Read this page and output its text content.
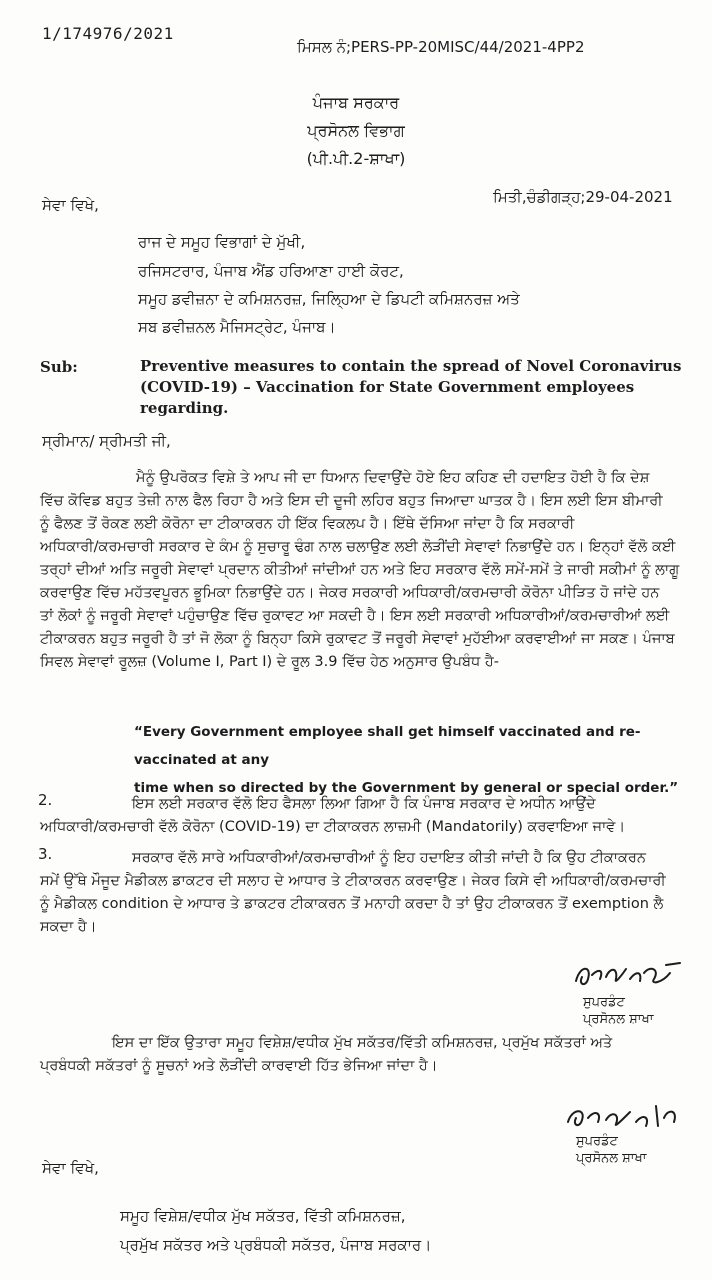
1/174976/2021
ਮਿਸਲ ਨੰ;PERS-PP-20MISC/44/2021-4PP2
ਪੰਜਾਬ ਸਰਕਾਰ
ਪ੍ਰਸੋਨਲ ਵਿਭਾਗ
(ਪੀ.ਪੀ.2-ਸ਼ਾਖਾ)
ਮਿਤੀ,ਚੰਡੀਗੜ੍ਹ;29-04-2021
ਸੇਵਾ ਵਿਖੇ,
ਰਾਜ ਦੇ ਸਮੂਹ ਵਿਭਾਗਾਂ ਦੇ ਮੁੱਖੀ,
ਰਜਿਸਟਰਾਰ, ਪੰਜਾਬ ਐਂਡ ਹਰਿਆਣਾ ਹਾਈ ਕੋਰਟ,
ਸਮੂਹ ਡਵੀਜ਼ਨਾ ਦੇ ਕਮਿਸ਼ਨਰਜ਼, ਜਿਲ੍ਹਿਆ ਦੇ ਡਿਪਟੀ ਕਮਿਸ਼ਨਰਜ਼ ਅਤੇ
ਸਬ ਡਵੀਜ਼ਨਲ ਮੈਜਿਸਟ੍ਰੇਟ, ਪੰਜਾਬ।
Sub:	Preventive measures to contain the spread of Novel Coronavirus (COVID-19) – Vaccination for State Government employees regarding.
ਸ੍ਰੀਮਾਨ/ ਸ੍ਰੀਮਤੀ ਜੀ,
ਮੈਨੂੰ ਉਪਰੋਕਤ ਵਿਸ਼ੇ ਤੇ ਆਪ ਜੀ ਦਾ ਧਿਆਨ ਦਿਵਾਉਂਦੇ ਹੋਏ ਇਹ ਕਹਿਣ ਦੀ ਹਦਾਇਤ ਹੋਈ ਹੈ ਕਿ ਦੇਸ਼
ਵਿੱਚ ਕੋਵਿਡ ਬਹੁਤ ਤੇਜ਼ੀ ਨਾਲ ਫੈਲ ਰਿਹਾ ਹੈ ਅਤੇ ਇਸ ਦੀ ਦੂਜੀ ਲਹਿਰ ਬਹੁਤ ਜਿਆਦਾ ਘਾਤਕ ਹੈ। ਇਸ ਲਈ ਇਸ ਬੀਮਾਰੀ
ਨੂੰ ਫੈਲਣ ਤੋਂ ਰੋਕਣ ਲਈ ਕੋਰੋਨਾ ਦਾ ਟੀਕਾਕਰਨ ਹੀ ਇੱਕ ਵਿਕਲਪ ਹੈ। ਇੱਥੇ ਦੱਸਿਆ ਜਾਂਦਾ ਹੈ ਕਿ ਸਰਕਾਰੀ
ਅਧਿਕਾਰੀ/ਕਰਮਚਾਰੀ ਸਰਕਾਰ ਦੇ ਕੰਮ ਨੂੰ ਸੁਚਾਰੂ ਢੰਗ ਨਾਲ ਚਲਾਉਣ ਲਈ ਲੋੜੀਂਦੀ ਸੇਵਾਵਾਂ ਨਿਭਾਉਂਦੇ ਹਨ। ਇਨ੍ਹਾਂ ਵੱਲੋ ਕਈ
ਤਰ੍ਹਾਂ ਦੀਆਂ ਅਤਿ ਜਰੂਰੀ ਸੇਵਾਵਾਂ ਪ੍ਰਦਾਨ ਕੀਤੀਆਂ ਜਾਂਦੀਆਂ ਹਨ ਅਤੇ ਇਹ ਸਰਕਾਰ ਵੱਲੋ ਸਮੇਂ-ਸਮੇਂ ਤੇ ਜਾਰੀ ਸਕੀਮਾਂ ਨੂੰ ਲਾਗੂ
ਕਰਵਾਉਣ ਵਿੱਚ ਮਹੱਤਵਪੂਰਨ ਭੂਮਿਕਾ ਨਿਭਾਉਂਦੇ ਹਨ। ਜੇਕਰ ਸਰਕਾਰੀ ਅਧਿਕਾਰੀ/ਕਰਮਚਾਰੀ ਕੋਰੋਨਾ ਪੀੜਿਤ ਹੋ ਜਾਂਦੇ ਹਨ
ਤਾਂ ਲੋਕਾਂ ਨੂੰ ਜਰੂਰੀ ਸੇਵਾਵਾਂ ਪਹੁੰਚਾਉਣ ਵਿੱਚ ਰੁਕਾਵਟ ਆ ਸਕਦੀ ਹੈ। ਇਸ ਲਈ ਸਰਕਾਰੀ ਅਧਿਕਾਰੀਆਂ/ਕਰਮਚਾਰੀਆਂ ਲਈ
ਟੀਕਾਕਰਨ ਬਹੁਤ ਜਰੂਰੀ ਹੈ ਤਾਂ ਜੋ ਲੋਕਾ ਨੂੰ ਬਿਨ੍ਹਾ ਕਿਸੇ ਰੁਕਾਵਟ ਤੋਂ ਜਰੂਰੀ ਸੇਵਾਵਾਂ ਮੁਹੱਈਆ ਕਰਵਾਈਆਂ ਜਾ ਸਕਣ। ਪੰਜਾਬ
ਸਿਵਲ ਸੇਵਾਵਾਂ ਰੂਲਜ਼ (Volume I, Part I) ਦੇ ਰੂਲ 3.9 ਵਿੱਚ ਹੇਠ ਅਨੁਸਾਰ ਉਪਬੰਧ ਹੈ-
“Every Government employee shall get himself vaccinated and re-vaccinated at any
time when so directed by the Government by general or special order.”
2.	ਇਸ ਲਈ ਸਰਕਾਰ ਵੱਲੋ ਇਹ ਫੈਸਲਾ ਲਿਆ ਗਿਆ ਹੈ ਕਿ ਪੰਜਾਬ ਸਰਕਾਰ ਦੇ ਅਧੀਨ ਆਉਂਦੇ
ਅਧਿਕਾਰੀ/ਕਰਮਚਾਰੀ ਵੱਲੋ ਕੋਰੋਨਾ (COVID-19) ਦਾ ਟੀਕਾਕਰਨ ਲਾਜ਼ਮੀ (Mandatorily) ਕਰਵਾਇਆ ਜਾਵੇ।
3.	ਸਰਕਾਰ ਵੱਲੋ ਸਾਰੇ ਅਧਿਕਾਰੀਆਂ/ਕਰਮਚਾਰੀਆਂ ਨੂੰ ਇਹ ਹਦਾਇਤ ਕੀਤੀ ਜਾਂਦੀ ਹੈ ਕਿ ਉਹ ਟੀਕਾਕਰਨ
ਸਮੇਂ ਉੱਥੇ ਮੌਜੂਦ ਮੈਡੀਕਲ ਡਾਕਟਰ ਦੀ ਸਲਾਹ ਦੇ ਆਧਾਰ ਤੇ ਟੀਕਾਕਰਨ ਕਰਵਾਉਣ। ਜੇਕਰ ਕਿਸੇ ਵੀ ਅਧਿਕਾਰੀ/ਕਰਮਚਾਰੀ
ਨੂੰ ਮੈਡੀਕਲ condition ਦੇ ਆਧਾਰ ਤੇ ਡਾਕਟਰ ਟੀਕਾਕਰਨ ਤੋਂ ਮਨਾਹੀ ਕਰਦਾ ਹੈ ਤਾਂ ਉਹ ਟੀਕਾਕਰਨ ਤੋਂ exemption ਲੈ
ਸਕਦਾ ਹੈ।
ਸੁਪਰਡੰਟ
ਪ੍ਰਸੋਨਲ ਸ਼ਾਖਾ
ਇਸ ਦਾ ਇੱਕ ਉਤਾਰਾ ਸਮੂਹ ਵਿਸ਼ੇਸ਼/ਵਧੀਕ ਮੁੱਖ ਸਕੱਤਰ/ਵਿੱਤੀ ਕਮਿਸ਼ਨਰਜ਼, ਪ੍ਰਮੁੱਖ ਸਕੱਤਰਾਂ ਅਤੇ
ਪ੍ਰਬੰਧਕੀ ਸਕੱਤਰਾਂ ਨੂੰ ਸੂਚਨਾਂ ਅਤੇ ਲੋੜੀਂਦੀ ਕਾਰਵਾਈ ਹਿੱਤ ਭੇਜਿਆ ਜਾਂਦਾ ਹੈ।
ਸੁਪਰਡੰਟ
ਪ੍ਰਸੋਨਲ ਸ਼ਾਖਾ
ਸੇਵਾ ਵਿਖੇ,
ਸਮੂਹ ਵਿਸ਼ੇਸ਼/ਵਧੀਕ ਮੁੱਖ ਸਕੱਤਰ, ਵਿੱਤੀ ਕਮਿਸ਼ਨਰਜ਼,
ਪ੍ਰਮੁੱਖ ਸਕੱਤਰ ਅਤੇ ਪ੍ਰਬੰਧਕੀ ਸਕੱਤਰ, ਪੰਜਾਬ ਸਰਕਾਰ।
